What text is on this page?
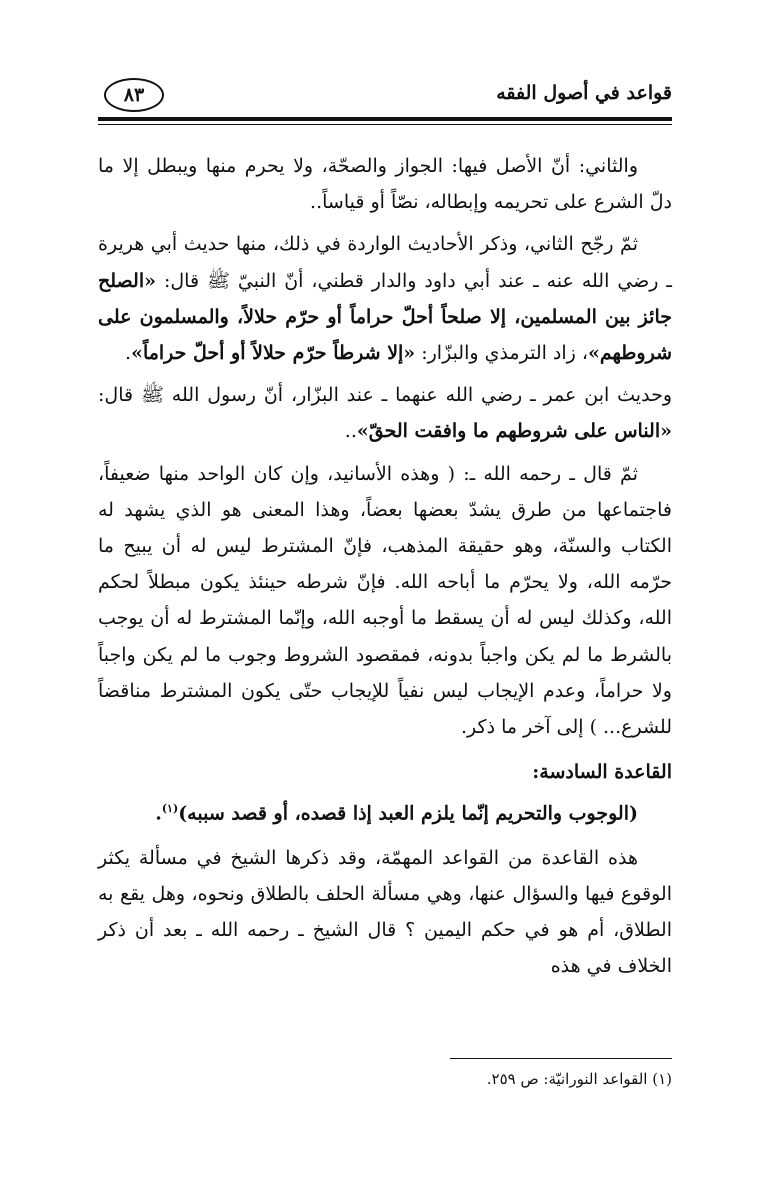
قواعد في أصول الفقه
٨٣

والثاني: أنّ الأصل فيها: الجواز والصحّة، ولا يحرم منها ويبطل إلا ما دلّ الشرع على تحريمه وإبطاله، نصّاً أو قياساً..

ثمّ رجّح الثاني، وذكر الأحاديث الواردة في ذلك، منها حديث أبي هريرة ـ رضي الله عنه ـ عند أبي داود والدار قطني، أنّ النبيّ ﷺ قال: «الصلح جائز بين المسلمين، إلا صلحاً أحلّ حراماً أو حرّم حلالاً، والمسلمون على شروطهم»، زاد الترمذي والبزّار: «إلا شرطاً حرّم حلالاً أو أحلّ حراماً».

وحديث ابن عمر ـ رضي الله عنهما ـ عند البزّار، أنّ رسول الله ﷺ قال: «الناس على شروطهم ما وافقت الحقّ»..

ثمّ قال ـ رحمه الله ـ: ( وهذه الأسانيد، وإن كان الواحد منها ضعيفاً، فاجتماعها من طرق يشدّ بعضها بعضاً، وهذا المعنى هو الذي يشهد له الكتاب والسنّة، وهو حقيقة المذهب، فإنّ المشترط ليس له أن يبيح ما حرّمه الله، ولا يحرّم ما أباحه الله. فإنّ شرطه حينئذ يكون مبطلاً لحكم الله، وكذلك ليس له أن يسقط ما أوجبه الله، وإنّما المشترط له أن يوجب بالشرط ما لم يكن واجباً بدونه، فمقصود الشروط وجوب ما لم يكن واجباً ولا حراماً، وعدم الإيجاب ليس نفياً للإيجاب حتّى يكون المشترط مناقضاً للشرع... ) إلى آخر ما ذكر.

القاعدة السادسة:

(الوجوب والتحريم إنّما يلزم العبد إذا قصده، أو قصد سببه)$^{(١)}$.

هذه القاعدة من القواعد المهمّة، وقد ذكرها الشيخ في مسألة يكثر الوقوع فيها والسؤال عنها، وهي مسألة الحلف بالطلاق ونحوه، وهل يقع به الطلاق، أم هو في حكم اليمين ؟ قال الشيخ ـ رحمه الله ـ بعد أن ذكر الخلاف في هذه

(١) القواعد النورانيّة: ص ٢٥٩.
